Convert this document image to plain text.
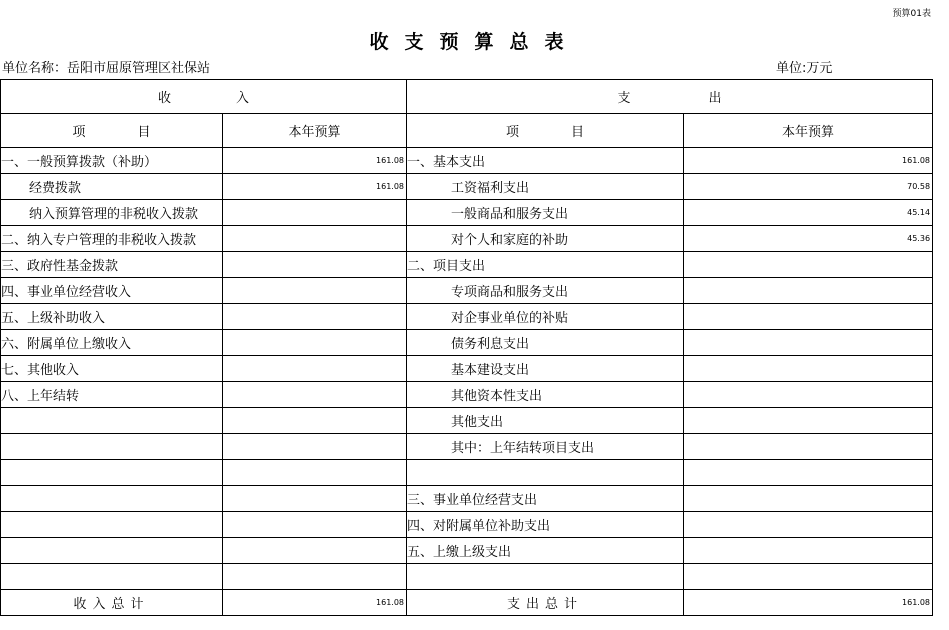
预算01表
收支预算总表
单位名称：岳阳市屈原管理区社保站	单位:万元
收　　　　　入		支　　　　　　出	
项　　　　目	本年预算	项　　　　目	本年预算
一、一般预算拨款（补助）	161.08	一、基本支出	161.08
经费拨款	161.08	工资福利支出	70.58
纳入预算管理的非税收入拨款		一般商品和服务支出	45.14
二、纳入专户管理的非税收入拨款		对个人和家庭的补助	45.36
三、政府性基金拨款		二、项目支出	
四、事业单位经营收入		专项商品和服务支出	
五、上级补助收入		对企事业单位的补贴	
六、附属单位上缴收入		债务利息支出	
七、其他收入		基本建设支出	
八、上年结转		其他资本性支出	
		其他支出	
		其中：上年结转项目支出	

		三、事业单位经营支出	
		四、对附属单位补助支出	
		五、上缴上级支出	

收入总计	161.08	支出总计	161.08
